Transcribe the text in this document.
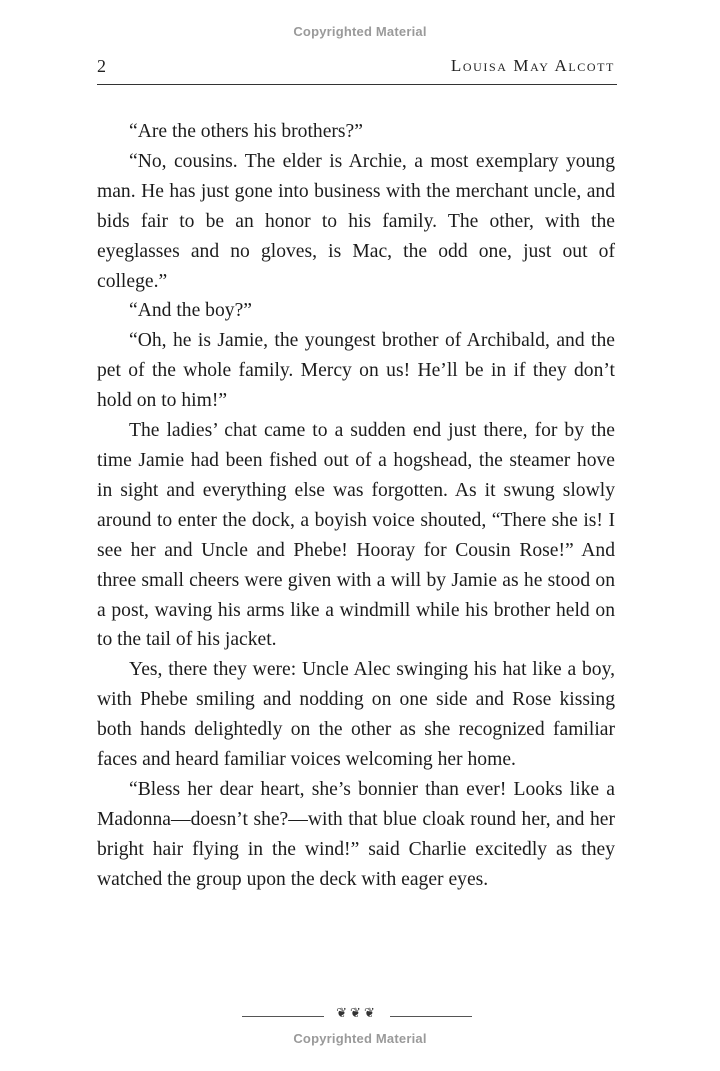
Copyrighted Material
2	Louisa May Alcott

“Are the others his brothers?”

“No, cousins. The elder is Archie, a most exemplary young man. He has just gone into business with the merchant uncle, and bids fair to be an honor to his family. The other, with the eyeglasses and no gloves, is Mac, the odd one, just out of college.”

“And the boy?”

“Oh, he is Jamie, the youngest brother of Archibald, and the pet of the whole family. Mercy on us! He’ll be in if they don’t hold on to him!”

The ladies’ chat came to a sudden end just there, for by the time Jamie had been fished out of a hogshead, the steamer hove in sight and everything else was forgotten. As it swung slowly around to enter the dock, a boyish voice shouted, “There she is! I see her and Uncle and Phebe! Hooray for Cousin Rose!” And three small cheers were given with a will by Jamie as he stood on a post, waving his arms like a windmill while his brother held on to the tail of his jacket.

Yes, there they were: Uncle Alec swinging his hat like a boy, with Phebe smiling and nodding on one side and Rose kissing both hands delightedly on the other as she recognized familiar faces and heard familiar voices welcoming her home.

“Bless her dear heart, she’s bonnier than ever! Looks like a Madonna—doesn’t she?—with that blue cloak round her, and her bright hair flying in the wind!” said Charlie excitedly as they watched the group upon the deck with eager eyes.

❦❦❦
Copyrighted Material
